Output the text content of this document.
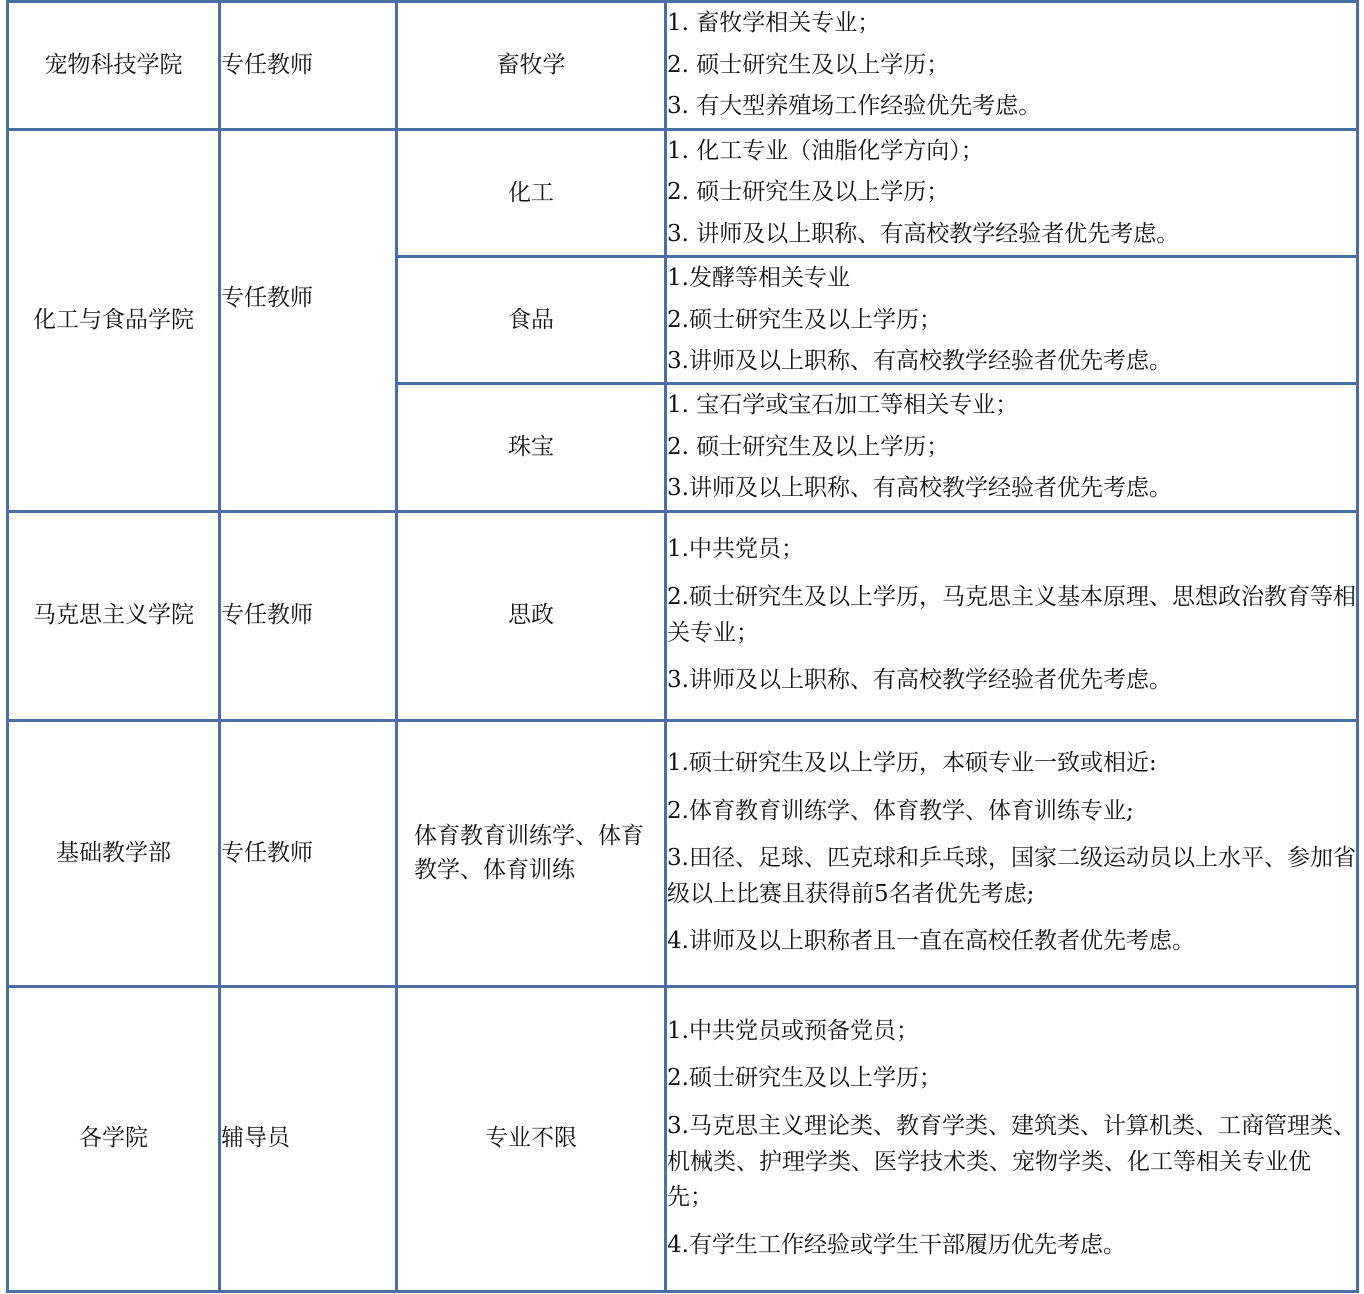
宠物科技学院	专任教师	畜牧学	1. 畜牧学相关专业；
2. 硕士研究生及以上学历；
3. 有大型养殖场工作经验优先考虑。

化工与食品学院	专任教师	化工	1. 化工专业（油脂化学方向）；
2. 硕士研究生及以上学历；
3. 讲师及以上职称、有高校教学经验者优先考虑。

		食品	1.发酵等相关专业
2.硕士研究生及以上学历；
3.讲师及以上职称、有高校教学经验者优先考虑。

		珠宝	1. 宝石学或宝石加工等相关专业；
2. 硕士研究生及以上学历；
3.讲师及以上职称、有高校教学经验者优先考虑。

马克思主义学院	专任教师	思政	1.中共党员；
2.硕士研究生及以上学历，马克思主义基本原理、思想政治教育等相关专业；
3.讲师及以上职称、有高校教学经验者优先考虑。

基础教学部	专任教师	体育教育训练学、体育教学、体育训练	1.硕士研究生及以上学历，本硕专业一致或相近:
2.体育教育训练学、体育教学、体育训练专业;
3.田径、足球、匹克球和乒乓球，国家二级运动员以上水平、参加省级以上比赛且获得前5名者优先考虑;
4.讲师及以上职称者且一直在高校任教者优先考虑。

各学院	辅导员	专业不限	1.中共党员或预备党员；
2.硕士研究生及以上学历；
3.马克思主义理论类、教育学类、建筑类、计算机类、工商管理类、机械类、护理学类、医学技术类、宠物学类、化工等相关专业优先；
4.有学生工作经验或学生干部履历优先考虑。
